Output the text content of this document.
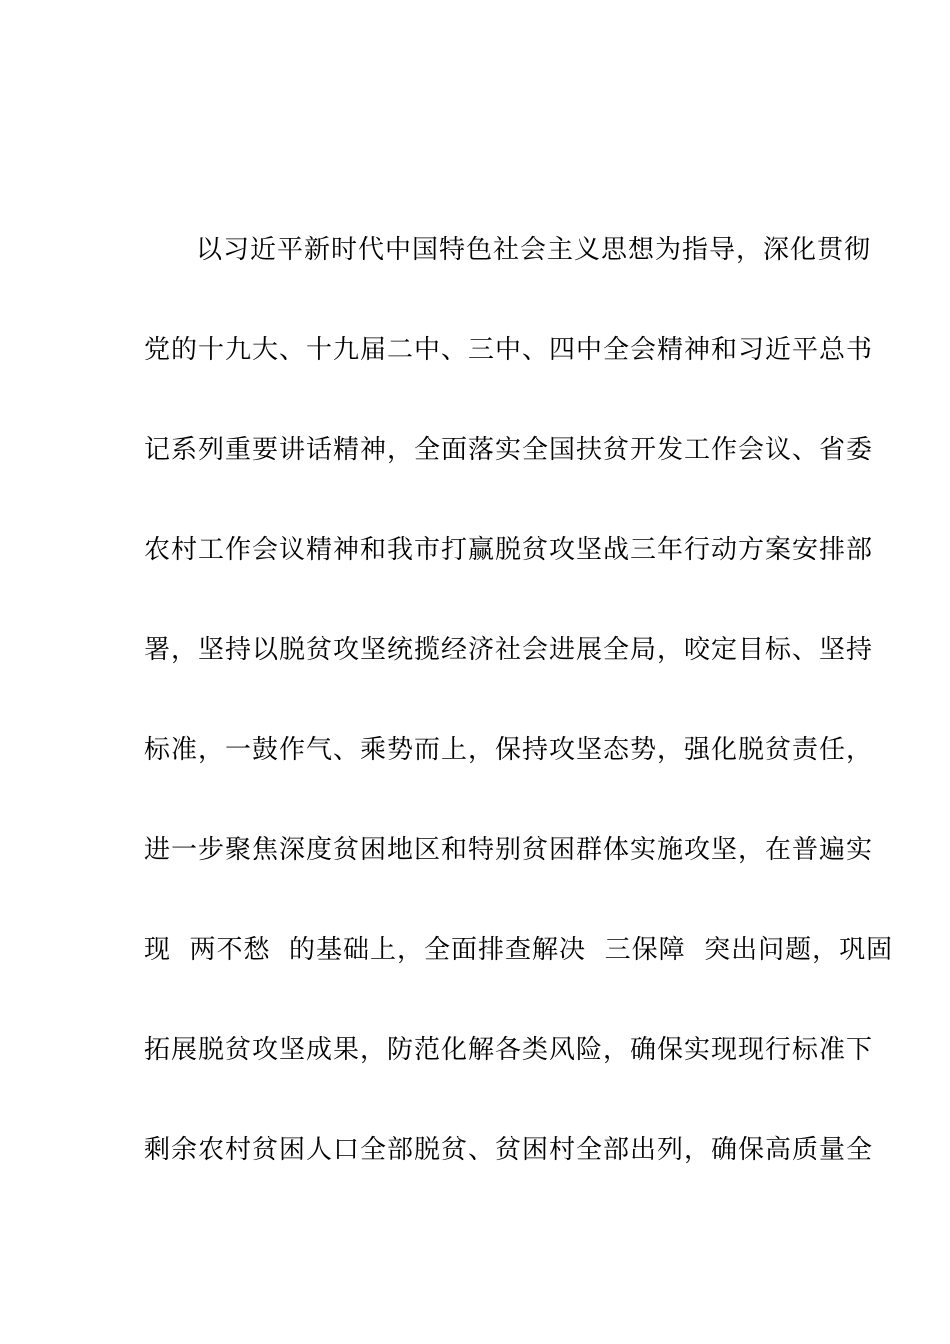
以习近平新时代中国特色社会主义思想为指导，深化贯彻
党的十九大、十九届二中、三中、四中全会精神和习近平总书
记系列重要讲话精神，全面落实全国扶贫开发工作会议、省委
农村工作会议精神和我市打赢脱贫攻坚战三年行动方案安排部
署，坚持以脱贫攻坚统揽经济社会进展全局，咬定目标、坚持
标准，一鼓作气、乘势而上，保持攻坚态势，强化脱贫责任，
进一步聚焦深度贫困地区和特别贫困群体实施攻坚，在普遍实
现  两不愁  的基础上，全面排查解决  三保障  突出问题，巩固
拓展脱贫攻坚成果，防范化解各类风险，确保实现现行标准下
剩余农村贫困人口全部脱贫、贫困村全部出列，确保高质量全
